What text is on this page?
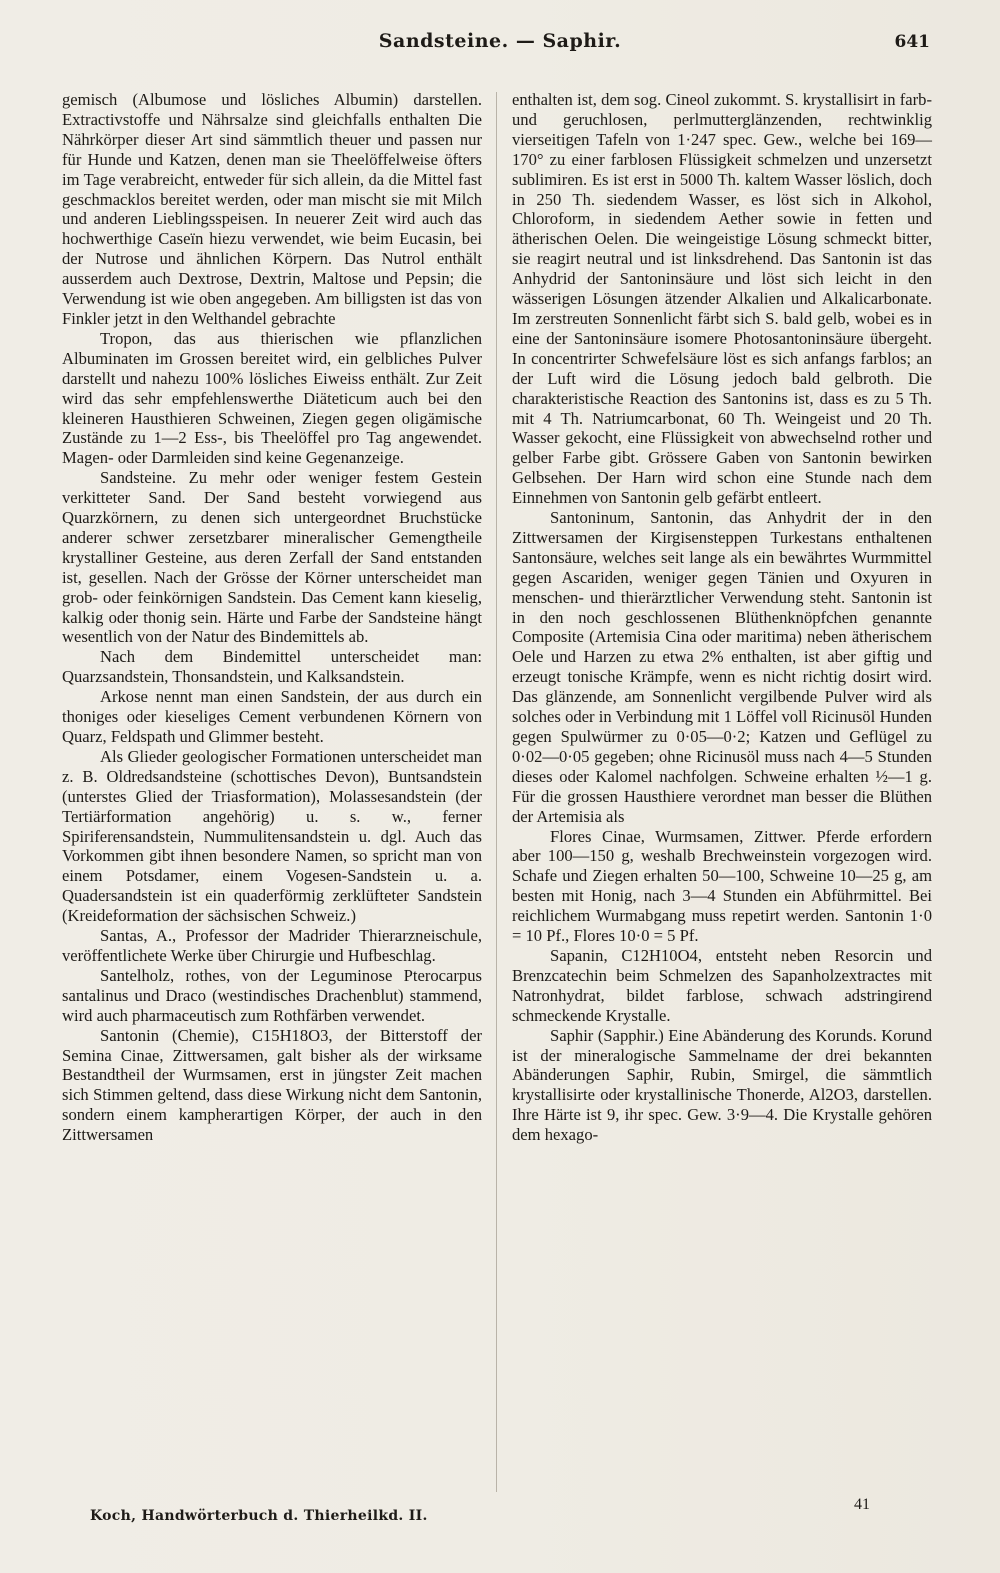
Sandsteine. — Saphir.	641

gemisch (Albumose und lösliches Albumin) darstellen. Extractivstoffe und Nährsalze sind gleichfalls enthalten Die Nährkörper dieser Art sind sämmtlich theuer und passen nur für Hunde und Katzen, denen man sie Theelöffelweise öfters im Tage verabreicht, entweder für sich allein, da die Mittel fast geschmacklos bereitet werden, oder man mischt sie mit Milch und anderen Lieblingsspeisen. In neuerer Zeit wird auch das hochwerthige Caseïn hiezu verwendet, wie beim Eucasin, bei der Nutrose und ähnlichen Körpern. Das Nutrol enthält ausserdem auch Dextrose, Dextrin, Maltose und Pepsin; die Verwendung ist wie oben angegeben. Am billigsten ist das von Finkler jetzt in den Welthandel gebrachte

Tropon, das aus thierischen wie pflanzlichen Albuminaten im Grossen bereitet wird, ein gelbliches Pulver darstellt und nahezu 100% lösliches Eiweiss enthält. Zur Zeit wird das sehr empfehlenswerthe Diäteticum auch bei den kleineren Hausthieren Schweinen, Ziegen gegen oligämische Zustände zu 1—2 Ess-, bis Theelöffel pro Tag angewendet. Magen- oder Darmleiden sind keine Gegenanzeige.

Sandsteine. Zu mehr oder weniger festem Gestein verkitteter Sand. Der Sand besteht vorwiegend aus Quarzkörnern, zu denen sich untergeordnet Bruchstücke anderer schwer zersetzbarer mineralischer Gemengtheile krystalliner Gesteine, aus deren Zerfall der Sand entstanden ist, gesellen. Nach der Grösse der Körner unterscheidet man grob- oder feinkörnigen Sandstein. Das Cement kann kieselig, kalkig oder thonig sein. Härte und Farbe der Sandsteine hängt wesentlich von der Natur des Bindemittels ab.

Nach dem Bindemittel unterscheidet man: Quarzsandstein, Thonsandstein, und Kalksandstein.

Arkose nennt man einen Sandstein, der aus durch ein thoniges oder kieseliges Cement verbundenen Körnern von Quarz, Feldspath und Glimmer besteht.

Als Glieder geologischer Formationen unterscheidet man z. B. Oldredsandsteine (schottisches Devon), Buntsandstein (unterstes Glied der Triasformation), Molassesandstein (der Tertiärformation angehörig) u. s. w., ferner Spiriferensandstein, Nummulitensandstein u. dgl. Auch das Vorkommen gibt ihnen besondere Namen, so spricht man von einem Potsdamer, einem Vogesen-Sandstein u. a. Quadersandstein ist ein quaderförmig zerklüfteter Sandstein (Kreideformation der sächsischen Schweiz.)

Santas, A., Professor der Madrider Thierarzneischule, veröffentlichete Werke über Chirurgie und Hufbeschlag.

Santelholz, rothes, von der Leguminose Pterocarpus santalinus und Draco (westindisches Drachenblut) stammend, wird auch pharmaceutisch zum Rothfärben verwendet.

Santonin (Chemie), C15H18O3, der Bitterstoff der Semina Cinae, Zittwersamen, galt bisher als der wirksame Bestandtheil der Wurmsamen, erst in jüngster Zeit machen sich Stimmen geltend, dass diese Wirkung nicht dem Santonin, sondern einem kampherartigen Körper, der auch in den Zittwersamen

enthalten ist, dem sog. Cineol zukommt. S. krystallisirt in farb- und geruchlosen, perlmutterglänzenden, rechtwinklig vierseitigen Tafeln von 1·247 spec. Gew., welche bei 169—170° zu einer farblosen Flüssigkeit schmelzen und unzersetzt sublimiren. Es ist erst in 5000 Th. kaltem Wasser löslich, doch in 250 Th. siedendem Wasser, es löst sich in Alkohol, Chloroform, in siedendem Aether sowie in fetten und ätherischen Oelen. Die weingeistige Lösung schmeckt bitter, sie reagirt neutral und ist linksdrehend. Das Santonin ist das Anhydrid der Santoninsäure und löst sich leicht in den wässerigen Lösungen ätzender Alkalien und Alkalicarbonate. Im zerstreuten Sonnenlicht färbt sich S. bald gelb, wobei es in eine der Santoninsäure isomere Photosantoninsäure übergeht. In concentrirter Schwefelsäure löst es sich anfangs farblos; an der Luft wird die Lösung jedoch bald gelbroth. Die charakteristische Reaction des Santonins ist, dass es zu 5 Th. mit 4 Th. Natriumcarbonat, 60 Th. Weingeist und 20 Th. Wasser gekocht, eine Flüssigkeit von abwechselnd rother und gelber Farbe gibt. Grössere Gaben von Santonin bewirken Gelbsehen. Der Harn wird schon eine Stunde nach dem Einnehmen von Santonin gelb gefärbt entleert.

Santoninum, Santonin, das Anhydrit der in den Zittwersamen der Kirgisensteppen Turkestans enthaltenen Santonsäure, welches seit lange als ein bewährtes Wurmmittel gegen Ascariden, weniger gegen Tänien und Oxyuren in menschen- und thierärztlicher Verwendung steht. Santonin ist in den noch geschlossenen Blüthenknöpfchen genannte Composite (Artemisia Cina oder maritima) neben ätherischem Oele und Harzen zu etwa 2% enthalten, ist aber giftig und erzeugt tonische Krämpfe, wenn es nicht richtig dosirt wird. Das glänzende, am Sonnenlicht vergilbende Pulver wird als solches oder in Verbindung mit 1 Löffel voll Ricinusöl Hunden gegen Spulwürmer zu 0·05—0·2; Katzen und Geflügel zu 0·02—0·05 gegeben; ohne Ricinusöl muss nach 4—5 Stunden dieses oder Kalomel nachfolgen. Schweine erhalten ½—1 g. Für die grossen Hausthiere verordnet man besser die Blüthen der Artemisia als

Flores Cinae, Wurmsamen, Zittwer. Pferde erfordern aber 100—150 g, weshalb Brechweinstein vorgezogen wird. Schafe und Ziegen erhalten 50—100, Schweine 10—25 g, am besten mit Honig, nach 3—4 Stunden ein Abführmittel. Bei reichlichem Wurmabgang muss repetirt werden. Santonin 1·0 = 10 Pf., Flores 10·0 = 5 Pf.

Sapanin, C12H10O4, entsteht neben Resorcin und Brenzcatechin beim Schmelzen des Sapanholzextractes mit Natronhydrat, bildet farblose, schwach adstringirend schmeckende Krystalle.

Saphir (Sapphir.) Eine Abänderung des Korunds. Korund ist der mineralogische Sammelname der drei bekannten Abänderungen Saphir, Rubin, Smirgel, die sämmtlich krystallisirte oder krystallinische Thonerde, Al2O3, darstellen. Ihre Härte ist 9, ihr spec. Gew. 3·9—4. Die Krystalle gehören dem hexago-

Koch, Handwörterbuch d. Thierheilkd. II.
41
